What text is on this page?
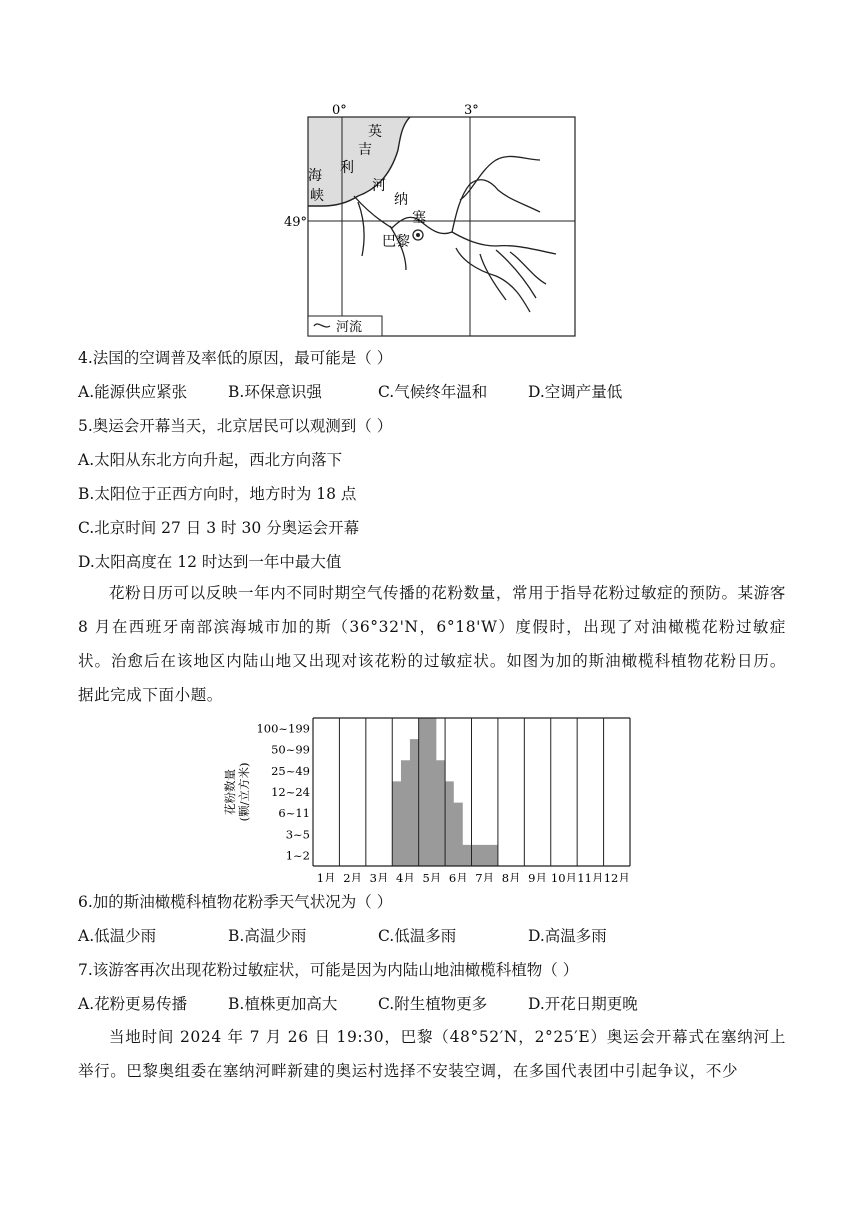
0°	3°
49°
英
吉
利
海
峡
河
纳
塞
巴黎
河流
4.法国的空调普及率低的原因，最可能是（ ）
A.能源供应紧张	B.环保意识强	C.气候终年温和	D.空调产量低
5.奥运会开幕当天，北京居民可以观测到（ ）
A.太阳从东北方向升起，西北方向落下
B.太阳位于正西方向时，地方时为 18 点
C.北京时间 27 日 3 时 30 分奥运会开幕
D.太阳高度在 12 时达到一年中最大值
花粉日历可以反映一年内不同时期空气传播的花粉数量，常用于指导花粉过敏症的预防。某游客 8 月在西班牙南部滨海城市加的斯（36°32'N，6°18'W）度假时，出现了对油橄榄花粉过敏症状。治愈后在该地区内陆山地又出现对该花粉的过敏症状。如图为加的斯油橄榄科植物花粉日历。据此完成下面小题。
1~2
3~5
6~11
12~24
25~49
50~99
100~199
1月 2月 3月 4月 5月 6月 7月 8月 9月 10月 11月 12月
花粉数量 (颗/立方米)
6.加的斯油橄榄科植物花粉季天气状况为（ ）
A.低温少雨	B.高温少雨	C.低温多雨	D.高温多雨
7.该游客再次出现花粉过敏症状，可能是因为内陆山地油橄榄科植物（ ）
A.花粉更易传播	B.植株更加高大	C.附生植物更多	D.开花日期更晚
当地时间 2024 年 7 月 26 日 19:30，巴黎（48°52′N，2°25′E）奥运会开幕式在塞纳河上举行。巴黎奥组委在塞纳河畔新建的奥运村选择不安装空调，在多国代表团中引起争议，不少
